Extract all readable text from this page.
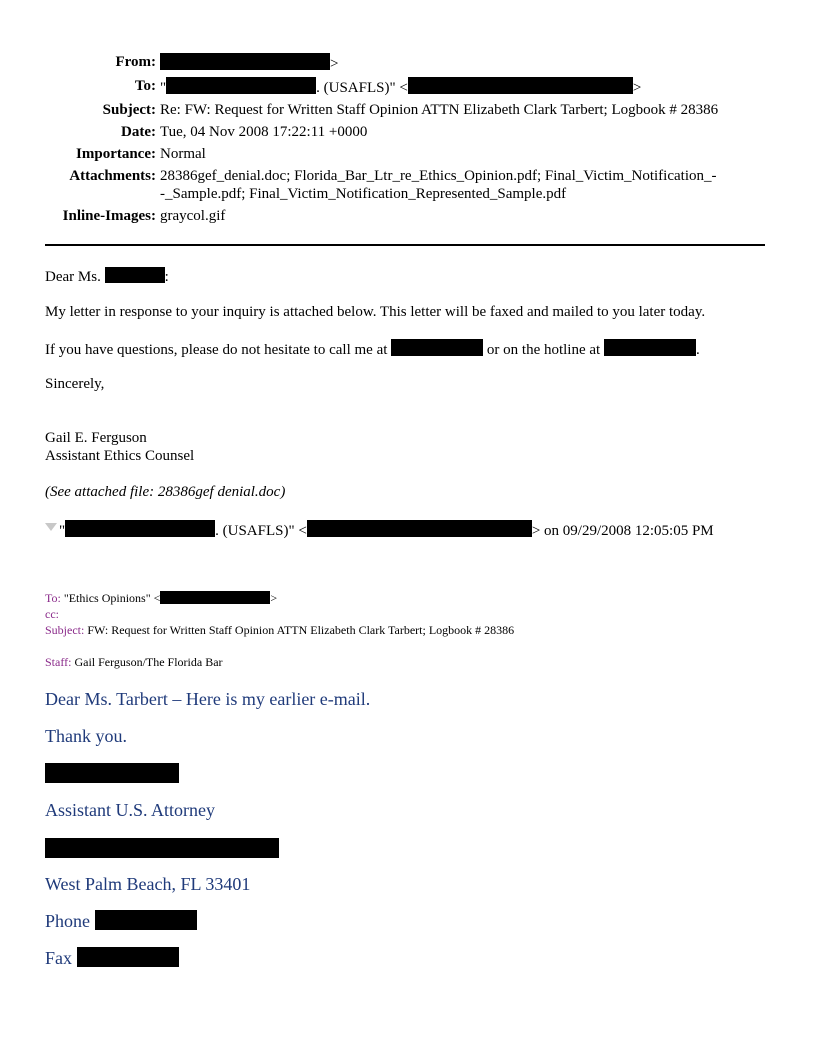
From:	>
To: "	. (USAFLS)" <	>
Subject: Re: FW: Request for Written Staff Opinion ATTN Elizabeth Clark Tarbert; Logbook # 28386
Date: Tue, 04 Nov 2008 17:22:11 +0000
Importance: Normal
Attachments: 28386gef_denial.doc; Florida_Bar_Ltr_re_Ethics_Opinion.pdf; Final_Victim_Notification_-
-_Sample.pdf; Final_Victim_Notification_Represented_Sample.pdf
Inline-Images: graycol.gif
Dear Ms.	:
My letter in response to your inquiry is attached below. This letter will be faxed and mailed to you later today.
If you have questions, please do not hesitate to call me at	or on the hotline at	.
Sincerely,
Gail E. Ferguson
Assistant Ethics Counsel
(See attached file: 28386gef denial.doc)
"	. (USAFLS)" <	> on 09/29/2008 12:05:05 PM
To: "Ethics Opinions" <	>
cc:
Subject: FW: Request for Written Staff Opinion ATTN Elizabeth Clark Tarbert; Logbook # 28386
Staff: Gail Ferguson/The Florida Bar
Dear Ms. Tarbert – Here is my earlier e-mail.
Thank you.
Assistant U.S. Attorney
West Palm Beach, FL 33401
Phone
Fax
